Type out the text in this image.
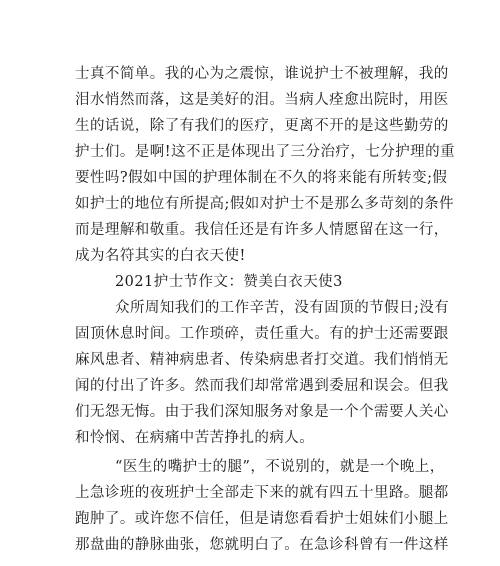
士真不简单。我的心为之震惊，谁说护士不被理解，我的
泪水悄然而落，这是美好的泪。当病人痊愈出院时，用医
生的话说，除了有我们的医疗，更离不开的是这些勤劳的
护士们。是啊!这不正是体现出了三分治疗，七分护理的重
要性吗?假如中国的护理体制在不久的将来能有所转变;假
如护士的地位有所提高;假如对护士不是那么多苛刻的条件
而是理解和敬重。我信任还是有许多人情愿留在这一行，
成为名符其实的白衣天使!
2021护士节作文：赞美白衣天使3
众所周知我们的工作辛苦，没有固顶的节假日;没有
固顶休息时间。工作琐碎，责任重大。有的护士还需要跟
麻风患者、精神病患者、传染病患者打交道。我们悄悄无
闻的付出了许多。然而我们却常常遇到委屈和误会。但我
们无怨无悔。由于我们深知服务对象是一个个需要人关心
和怜悯、在病痛中苦苦挣扎的病人。
“医生的嘴护士的腿”，不说别的，就是一个晚上，
上急诊班的夜班护士全部走下来的就有四五十里路。腿都
跑肿了。或许您不信任，但是请您看看护士姐妹们小腿上
那盘曲的静脉曲张，您就明白了。在急诊科曾有一件这样
